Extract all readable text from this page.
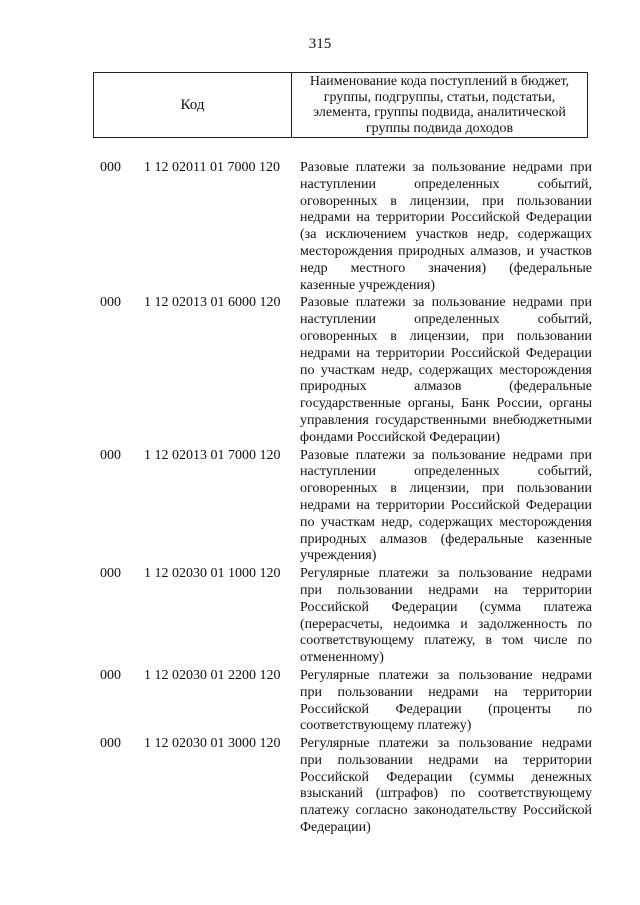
315
Код
Наименование кода поступлений в бюджет, группы, подгруппы, статьи, подстатьи, элемента, группы подвида, аналитической группы подвида доходов
000	1 12 02011 01 7000 120	Разовые платежи за пользование недрами при наступлении определенных событий, оговоренных в лицензии, при пользовании недрами на территории Российской Федерации (за исключением участков недр, содержащих месторождения природных алмазов, и участков недр местного значения) (федеральные казенные учреждения)
000	1 12 02013 01 6000 120	Разовые платежи за пользование недрами при наступлении определенных событий, оговоренных в лицензии, при пользовании недрами на территории Российской Федерации по участкам недр, содержащих месторождения природных алмазов (федеральные государственные органы, Банк России, органы управления государственными внебюджетными фондами Российской Федерации)
000	1 12 02013 01 7000 120	Разовые платежи за пользование недрами при наступлении определенных событий, оговоренных в лицензии, при пользовании недрами на территории Российской Федерации по участкам недр, содержащих месторождения природных алмазов (федеральные казенные учреждения)
000	1 12 02030 01 1000 120	Регулярные платежи за пользование недрами при пользовании недрами на территории Российской Федерации (сумма платежа (перерасчеты, недоимка и задолженность по соответствующему платежу, в том числе по отмененному)
000	1 12 02030 01 2200 120	Регулярные платежи за пользование недрами при пользовании недрами на территории Российской Федерации (проценты по соответствующему платежу)
000	1 12 02030 01 3000 120	Регулярные платежи за пользование недрами при пользовании недрами на территории Российской Федерации (суммы денежных взысканий (штрафов) по соответствующему платежу согласно законодательству Российской Федерации)
